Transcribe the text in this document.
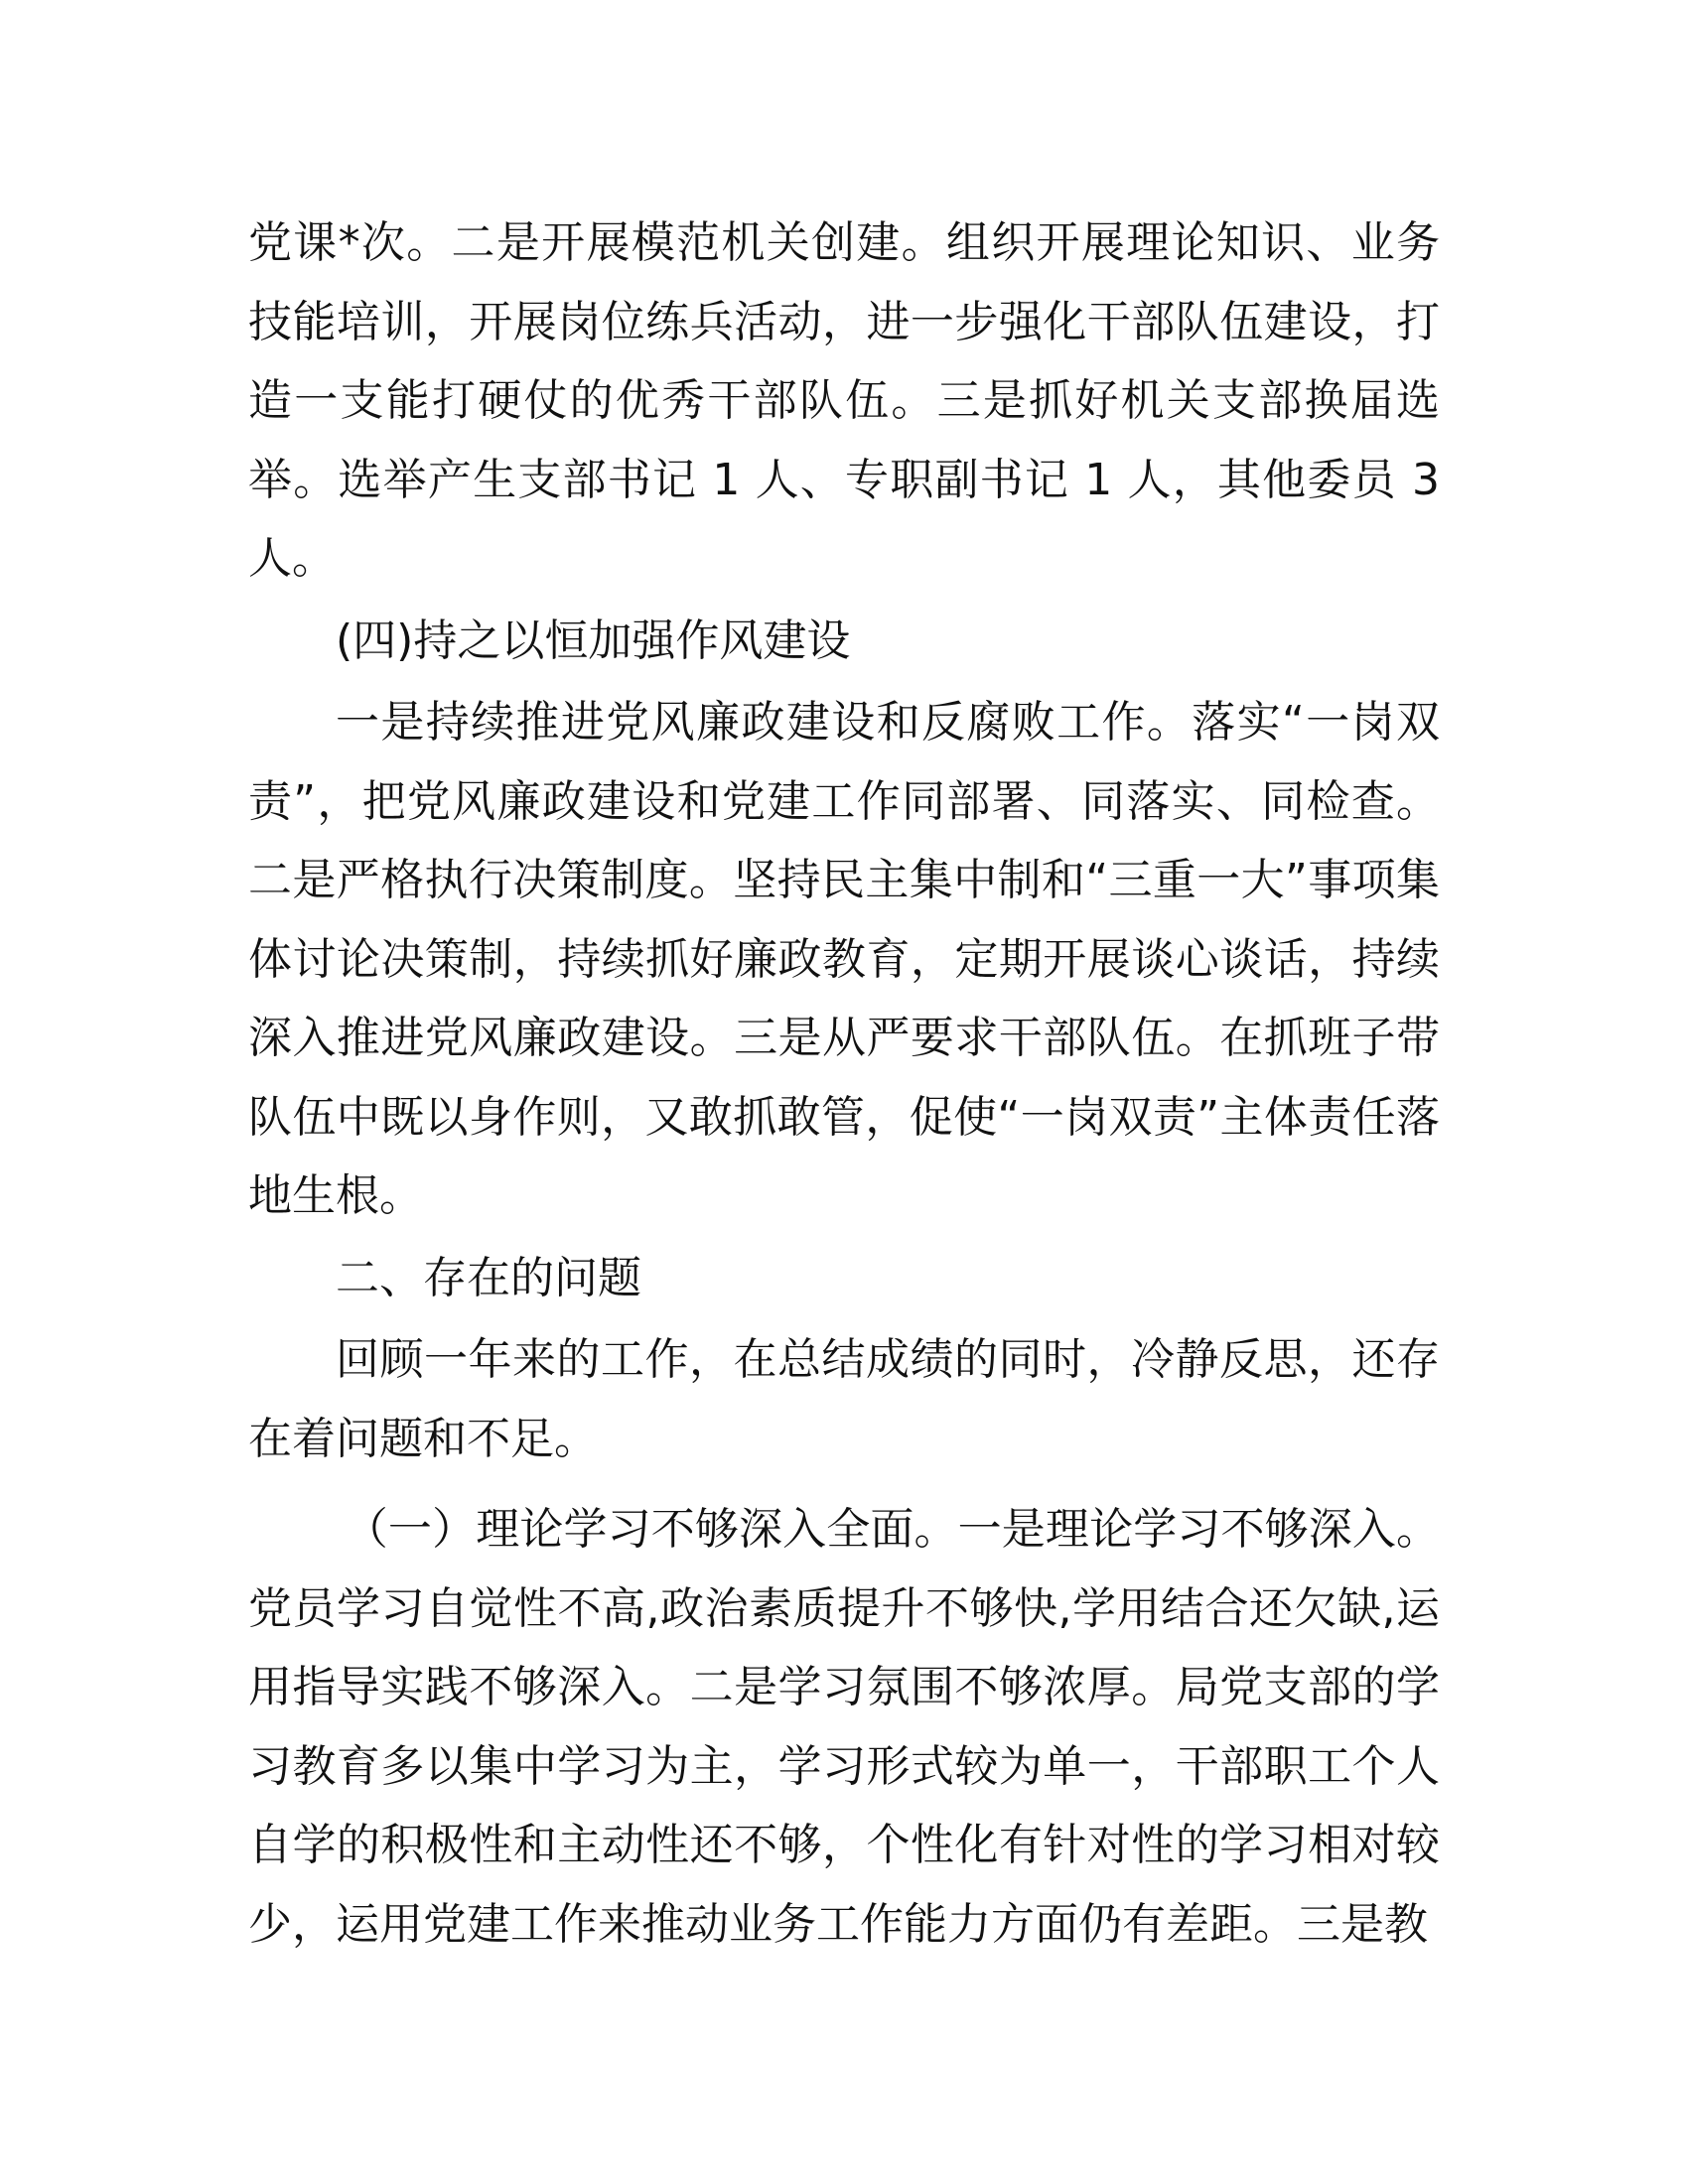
党课*次。二是开展模范机关创建。组织开展理论知识、业务技能培训，开展岗位练兵活动，进一步强化干部队伍建设，打造一支能打硬仗的优秀干部队伍。三是抓好机关支部换届选举。选举产生支部书记 1 人、专职副书记 1 人，其他委员 3 人。

(四)持之以恒加强作风建设

一是持续推进党风廉政建设和反腐败工作。落实“一岗双责”，把党风廉政建设和党建工作同部署、同落实、同检查。二是严格执行决策制度。坚持民主集中制和“三重一大”事项集体讨论决策制，持续抓好廉政教育，定期开展谈心谈话，持续深入推进党风廉政建设。三是从严要求干部队伍。在抓班子带队伍中既以身作则，又敢抓敢管，促使“一岗双责”主体责任落地生根。

二、存在的问题

回顾一年来的工作，在总结成绩的同时，冷静反思，还存在着问题和不足。

（一）理论学习不够深入全面。一是理论学习不够深入。党员学习自觉性不高,政治素质提升不够快,学用结合还欠缺,运用指导实践不够深入。二是学习氛围不够浓厚。局党支部的学习教育多以集中学习为主，学习形式较为单一，干部职工个人自学的积极性和主动性还不够，个性化有针对性的学习相对较少，运用党建工作来推动业务工作能力方面仍有差距。三是教
